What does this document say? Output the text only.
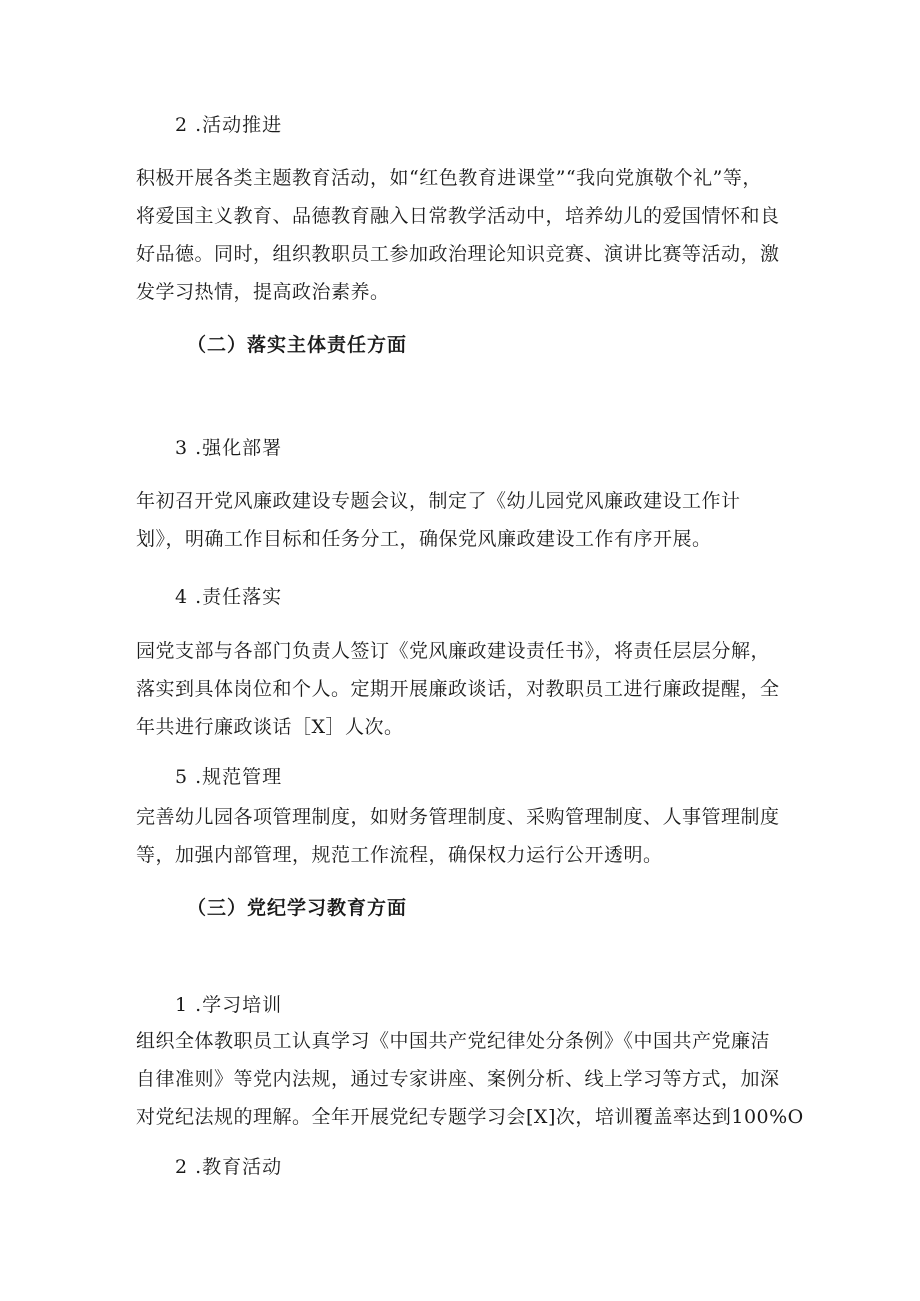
2 .活动推进
积极开展各类主题教育活动，如“红色教育进课堂”“我向党旗敬个礼”等，
将爱国主义教育、品德教育融入日常教学活动中，培养幼儿的爱国情怀和良
好品德。同时，组织教职员工参加政治理论知识竞赛、演讲比赛等活动，激
发学习热情，提高政治素养。
（二）落实主体责任方面
3 .强化部署
年初召开党风廉政建设专题会议，制定了《幼儿园党风廉政建设工作计
划》，明确工作目标和任务分工，确保党风廉政建设工作有序开展。
4 .责任落实
园党支部与各部门负责人签订《党风廉政建设责任书》，将责任层层分解，
落实到具体岗位和个人。定期开展廉政谈话，对教职员工进行廉政提醒，全
年共进行廉政谈话［X］人次。
5 .规范管理
完善幼儿园各项管理制度，如财务管理制度、采购管理制度、人事管理制度
等，加强内部管理，规范工作流程，确保权力运行公开透明。
（三）党纪学习教育方面
1 .学习培训
组织全体教职员工认真学习《中国共产党纪律处分条例》《中国共产党廉洁
自律准则》等党内法规，通过专家讲座、案例分析、线上学习等方式，加深
对党纪法规的理解。全年开展党纪专题学习会[X]次，培训覆盖率达到100%O
2 .教育活动
